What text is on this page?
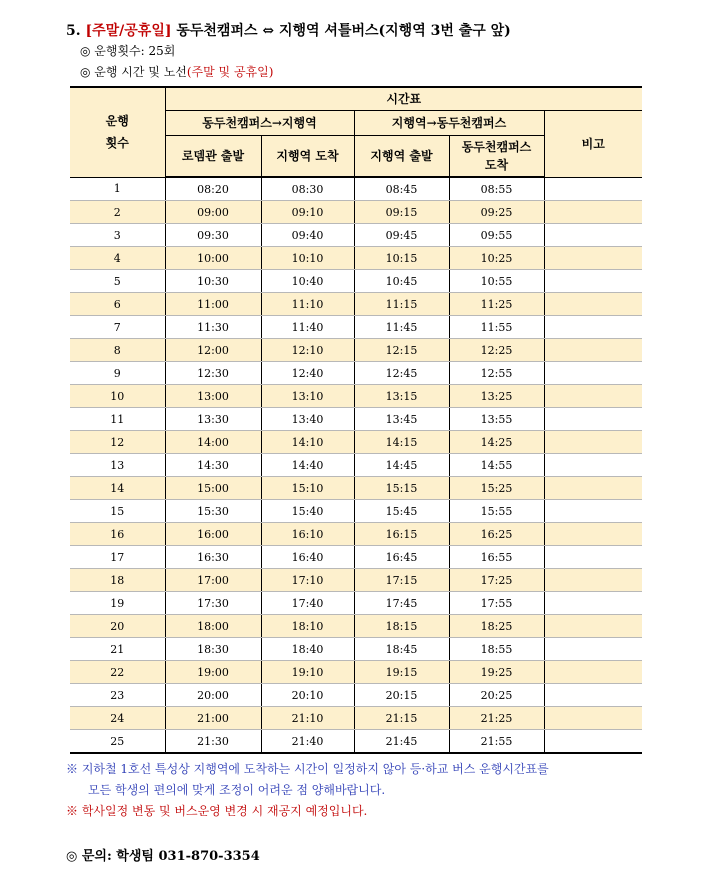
5. [주말/공휴일] 동두천캠퍼스 ⇔ 지행역 셔틀버스(지행역 3번 출구 앞)
◎ 운행횟수: 25회
◎ 운행 시간 및 노선(주말 및 공휴일)
운행
횟수	시간표				
	동두천캠퍼스→지행역		지행역→동두천캠퍼스		비고
	로뎀관 출발	지행역 도착	지행역 출발	동두천캠퍼스
도착	
1	08:20	08:30	08:45	08:55	
2	09:00	09:10	09:15	09:25	
3	09:30	09:40	09:45	09:55	
4	10:00	10:10	10:15	10:25	
5	10:30	10:40	10:45	10:55	
6	11:00	11:10	11:15	11:25	
7	11:30	11:40	11:45	11:55	
8	12:00	12:10	12:15	12:25	
9	12:30	12:40	12:45	12:55	
10	13:00	13:10	13:15	13:25	
11	13:30	13:40	13:45	13:55	
12	14:00	14:10	14:15	14:25	
13	14:30	14:40	14:45	14:55	
14	15:00	15:10	15:15	15:25	
15	15:30	15:40	15:45	15:55	
16	16:00	16:10	16:15	16:25	
17	16:30	16:40	16:45	16:55	
18	17:00	17:10	17:15	17:25	
19	17:30	17:40	17:45	17:55	
20	18:00	18:10	18:15	18:25	
21	18:30	18:40	18:45	18:55	
22	19:00	19:10	19:15	19:25	
23	20:00	20:10	20:15	20:25	
24	21:00	21:10	21:15	21:25	
25	21:30	21:40	21:45	21:55	
※ 지하철 1호선 특성상 지행역에 도착하는 시간이 일정하지 않아 등·하교 버스 운행시간표를
모든 학생의 편의에 맞게 조정이 어려운 점 양해바랍니다.
※ 학사일정 변동 및 버스운영 변경 시 재공지 예정입니다.
◎ 문의: 학생팀 031-870-3354
